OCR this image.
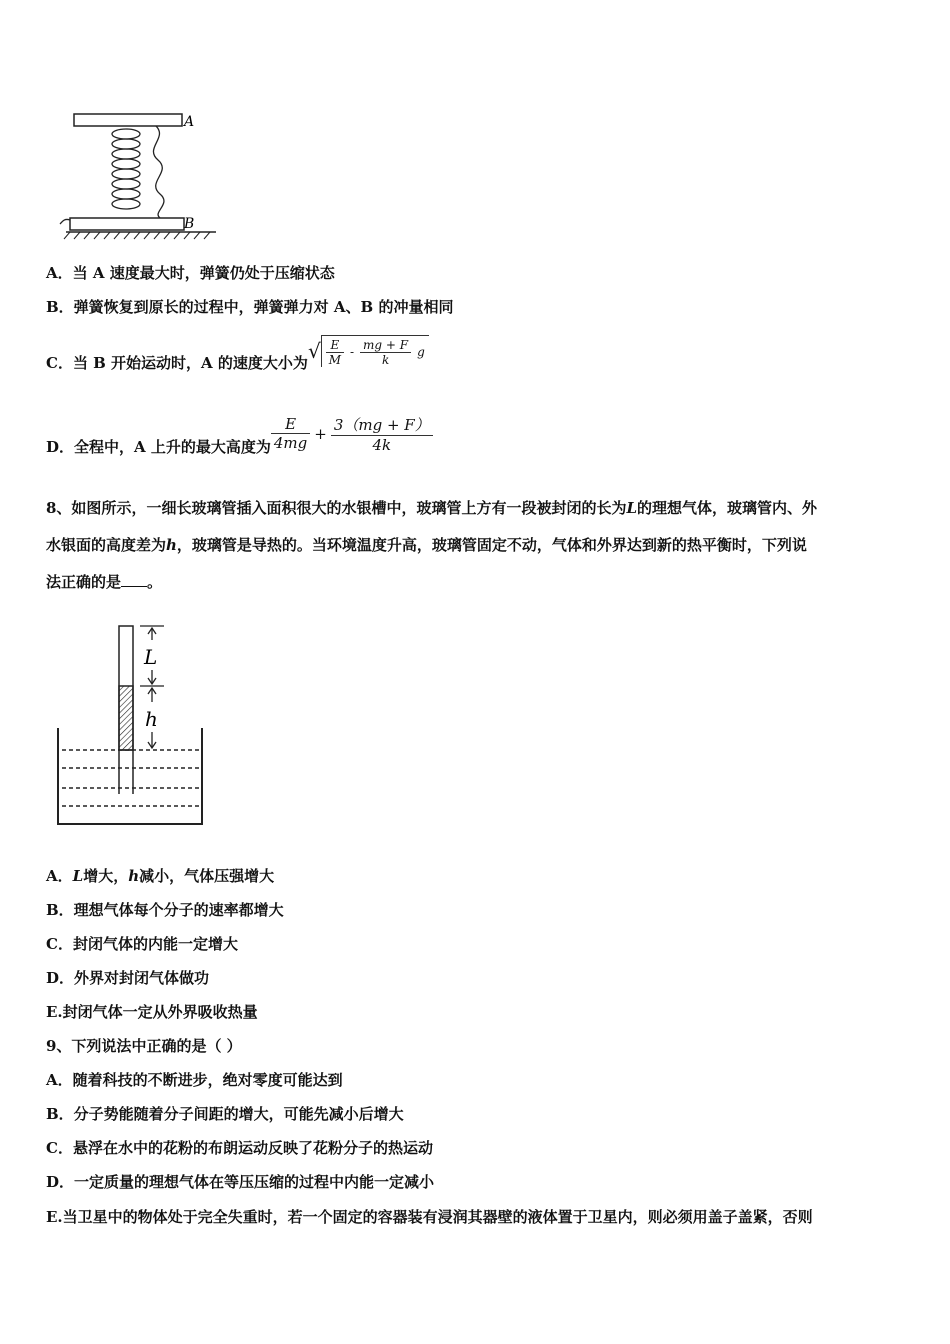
A
B
A．当 A 速度最大时，弹簧仍处于压缩状态
B．弹簧恢复到原长的过程中，弹簧弹力对 A、B 的冲量相同
C．当 B 开始运动时，A 的速度大小为
√ $\frac{E}{M} - \frac{mg + F}{k}$ g
D．全程中，A 上升的最大高度为 $\frac{E}{4mg} + \frac{3(mg + F)}{4k}$
8、如图所示，一细长玻璃管插入面积很大的水银槽中，玻璃管上方有一段被封闭的长为L的理想气体，玻璃管内、外
水银面的高度差为h，玻璃管是导热的。当环境温度升高，玻璃管固定不动，气体和外界达到新的热平衡时，下列说
法正确的是 。
L
h
A．L增大，h减小，气体压强增大
B．理想气体每个分子的速率都增大
C．封闭气体的内能一定增大
D．外界对封闭气体做功
E.封闭气体一定从外界吸收热量
9、下列说法中正确的是（ ）
A．随着科技的不断进步，绝对零度可能达到
B．分子势能随着分子间距的增大，可能先减小后增大
C．悬浮在水中的花粉的布朗运动反映了花粉分子的热运动
D．一定质量的理想气体在等压压缩的过程中内能一定减小
E.当卫星中的物体处于完全失重时，若一个固定的容器装有浸润其器壁的液体置于卫星内，则必须用盖子盖紧，否则
